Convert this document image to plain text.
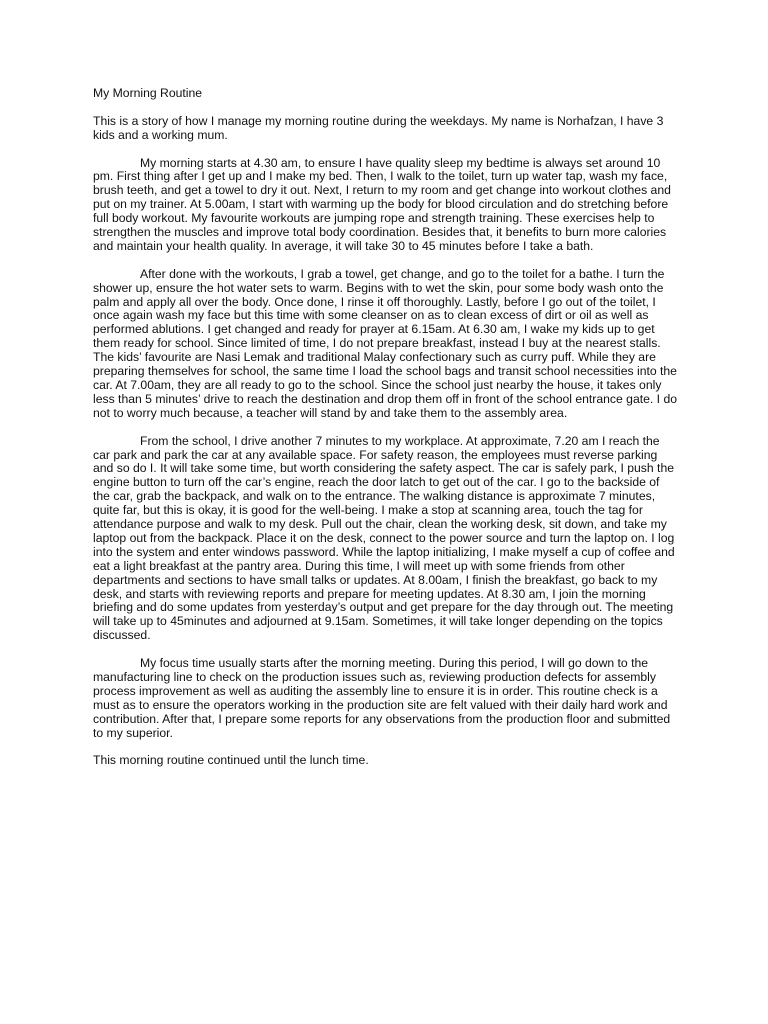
My Morning Routine

This is a story of how I manage my morning routine during the weekdays. My name is Norhafzan, I have 3 kids and a working mum.

My morning starts at 4.30 am, to ensure I have quality sleep my bedtime is always set around 10 pm. First thing after I get up and I make my bed. Then, I walk to the toilet, turn up water tap, wash my face, brush teeth, and get a towel to dry it out. Next, I return to my room and get change into workout clothes and put on my trainer. At 5.00am, I start with warming up the body for blood circulation and do stretching before full body workout. My favourite workouts are jumping rope and strength training. These exercises help to strengthen the muscles and improve total body coordination. Besides that, it benefits to burn more calories and maintain your health quality. In average, it will take 30 to 45 minutes before I take a bath.

After done with the workouts, I grab a towel, get change, and go to the toilet for a bathe. I turn the shower up, ensure the hot water sets to warm. Begins with to wet the skin, pour some body wash onto the palm and apply all over the body. Once done, I rinse it off thoroughly. Lastly, before I go out of the toilet, I once again wash my face but this time with some cleanser on as to clean excess of dirt or oil as well as performed ablutions. I get changed and ready for prayer at 6.15am. At 6.30 am, I wake my kids up to get them ready for school. Since limited of time, I do not prepare breakfast, instead I buy at the nearest stalls. The kids’ favourite are Nasi Lemak and traditional Malay confectionary such as curry puff. While they are preparing themselves for school, the same time I load the school bags and transit school necessities into the car. At 7.00am, they are all ready to go to the school. Since the school just nearby the house, it takes only less than 5 minutes’ drive to reach the destination and drop them off in front of the school entrance gate. I do not to worry much because, a teacher will stand by and take them to the assembly area.

From the school, I drive another 7 minutes to my workplace. At approximate, 7.20 am I reach the car park and park the car at any available space. For safety reason, the employees must reverse parking and so do I. It will take some time, but worth considering the safety aspect. The car is safely park, I push the engine button to turn off the car’s engine, reach the door latch to get out of the car. I go to the backside of the car, grab the backpack, and walk on to the entrance. The walking distance is approximate 7 minutes, quite far, but this is okay, it is good for the well-being. I make a stop at scanning area, touch the tag for attendance purpose and walk to my desk. Pull out the chair, clean the working desk, sit down, and take my laptop out from the backpack. Place it on the desk, connect to the power source and turn the laptop on. I log into the system and enter windows password. While the laptop initializing, I make myself a cup of coffee and eat a light breakfast at the pantry area. During this time, I will meet up with some friends from other departments and sections to have small talks or updates. At 8.00am, I finish the breakfast, go back to my desk, and starts with reviewing reports and prepare for meeting updates. At 8.30 am, I join the morning briefing and do some updates from yesterday’s output and get prepare for the day through out. The meeting will take up to 45minutes and adjourned at 9.15am. Sometimes, it will take longer depending on the topics discussed.

My focus time usually starts after the morning meeting. During this period, I will go down to the manufacturing line to check on the production issues such as, reviewing production defects for assembly process improvement as well as auditing the assembly line to ensure it is in order. This routine check is a must as to ensure the operators working in the production site are felt valued with their daily hard work and contribution. After that, I prepare some reports for any observations from the production floor and submitted to my superior.

This morning routine continued until the lunch time.
